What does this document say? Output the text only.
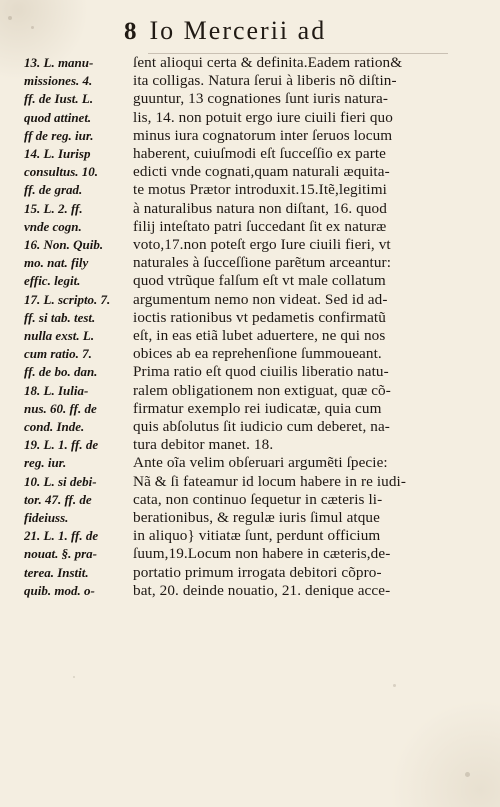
8 Io Mercerii ad
13. L. manu-
missiones. 4.
ff. de Iust. L.
quod attinet.
ff de reg. iur.
14. L. Iurisp
consultus. 10.
ff. de grad.
15. L. 2. ff.
vnde cogn.
16. Non. Quib.
mo. nat. fily
effic. legit.
17. L. scripto. 7.
ff. si tab. test.
nulla exst. L.
cum ratio. 7.
ff. de bo. dan.
18. L. Iulia-
nus. 60. ff. de
cond. Inde.
19. L. 1. ff. de
reg. iur.
10. L. si debi-
tor. 47. ff. de
fideiuss.
21. L. 1. ff. de
nouat. §. pra-
terea. Instit.
quib. mod. o-
ſent alioqui certa & definita.Eadem ration&
ita colligas. Natura ſerui à liberis nõ diſtin-
guuntur, 13 cognationes ſunt iuris natura-
lis, 14. non potuit ergo iure ciuili fieri quo
minus iura cognatorum inter ſeruos locum
haberent, cuiuſmodi eſt ſucceſſio ex parte
edicti vnde cognati,quam naturali æquita-
te motus Prætor introduxit.15.Itẽ,legitimi
à naturalibus natura non diſtant, 16. quod
filij inteſtato patri ſuccedant ſit ex naturæ
voto,17.non poteſt ergo Iure ciuili fieri, vt
naturales à ſucceſſione parẽtum arceantur:
quod vtrũque falſum eſt vt male collatum
argumentum nemo non videat. Sed id ad-
ioctis rationibus vt pedametis confirmatũ
eſt, in eas etiã lubet aduertere, ne qui nos
obices ab ea reprehenſione ſummoueant.
Prima ratio eſt quod ciuilis liberatio natu-
ralem obligationem non extiguat, quæ cõ-
firmatur exemplo rei iudicatæ, quia cum
quis abſolutus ſit iudicio cum deberet, na-
tura debitor manet. 18.
Ante oĩa velim obſeruari argumẽti ſpecie:
Nã & ſi fateamur id locum habere in re iudi-
cata, non continuo ſequetur in cæteris li-
berationibus, & regulæ iuris ſimul atque
in aliquo} vitiatæ ſunt, perdunt officium
ſuum,19.Locum non habere in cæteris,de-
portatio primum irrogata debitori cõpro-
bat, 20. deinde nouatio, 21. denique acce-
